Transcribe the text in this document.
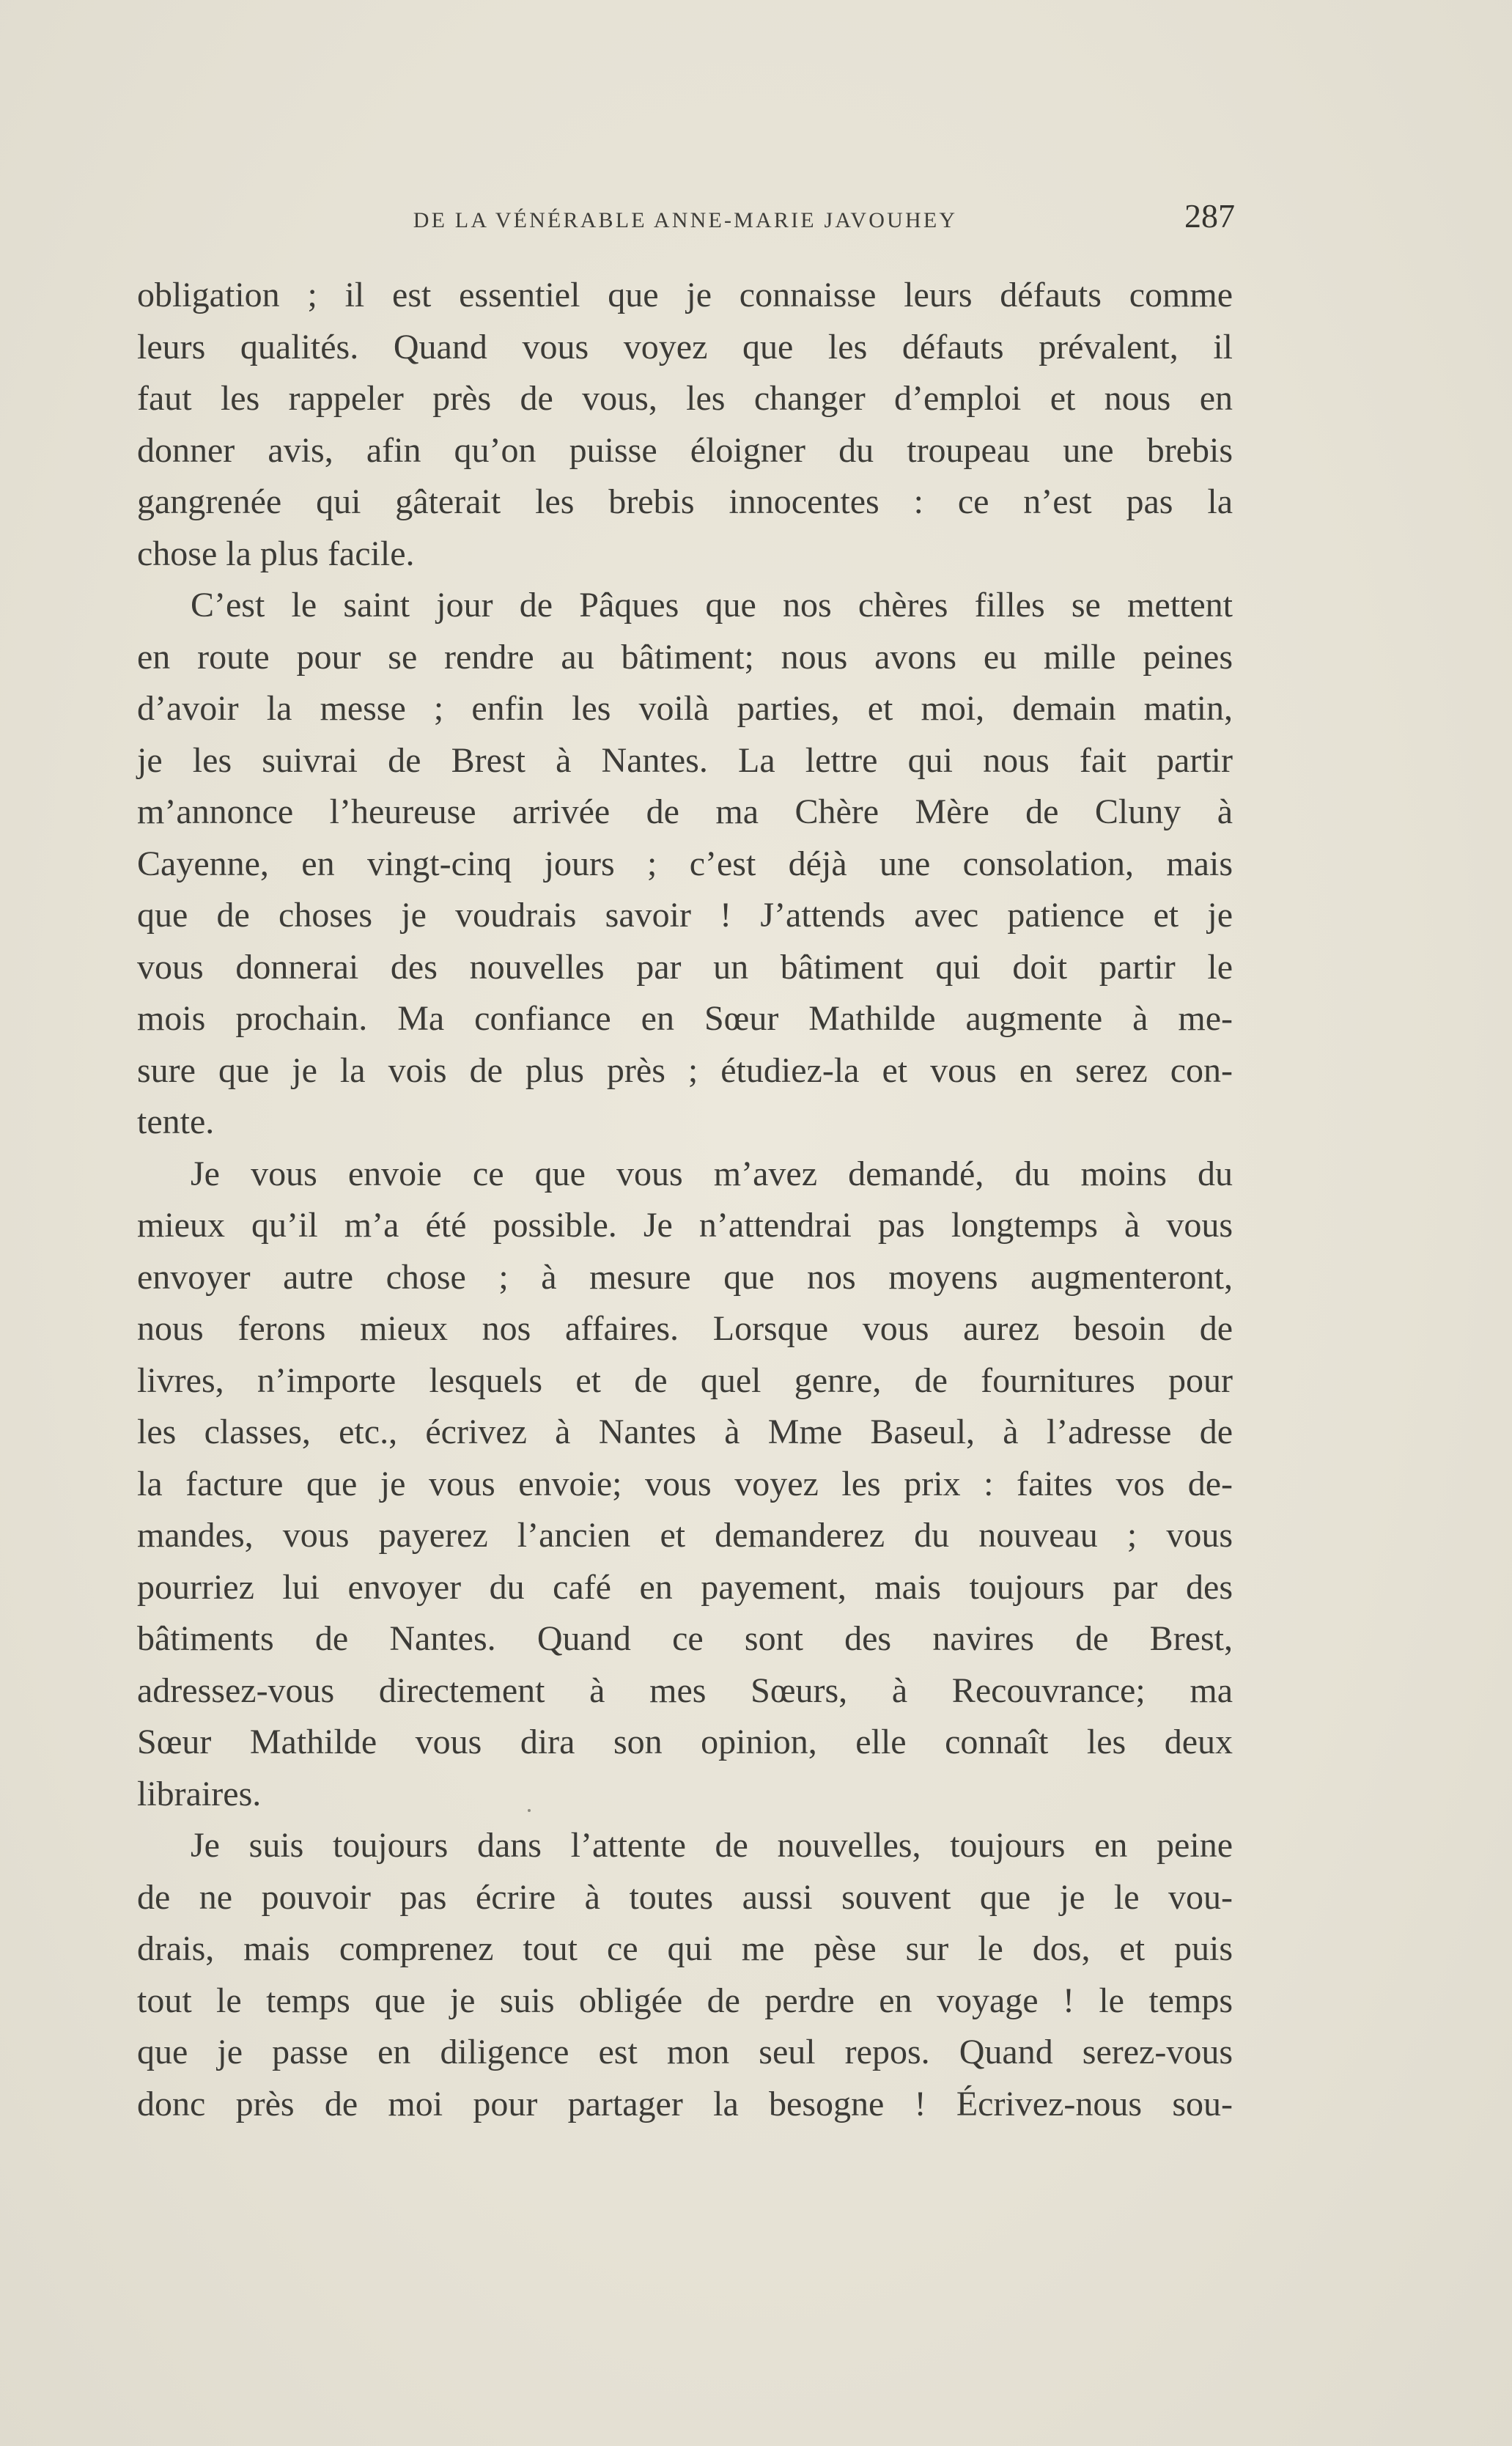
DE LA VÉNÉRABLE ANNE-MARIE JAVOUHEY	287

obligation ; il est essentiel que je connaisse leurs défauts comme
leurs qualités. Quand vous voyez que les défauts prévalent, il
faut les rappeler près de vous, les changer d’emploi et nous en
donner avis, afin qu’on puisse éloigner du troupeau une brebis
gangrenée qui gâterait les brebis innocentes : ce n’est pas la
chose la plus facile.

C’est le saint jour de Pâques que nos chères filles se mettent
en route pour se rendre au bâtiment; nous avons eu mille peines
d’avoir la messe ; enfin les voilà parties, et moi, demain matin,
je les suivrai de Brest à Nantes. La lettre qui nous fait partir
m’annonce l’heureuse arrivée de ma Chère Mère de Cluny à
Cayenne, en vingt-cinq jours ; c’est déjà une consolation, mais
que de choses je voudrais savoir ! J’attends avec patience et je
vous donnerai des nouvelles par un bâtiment qui doit partir le
mois prochain. Ma confiance en Sœur Mathilde augmente à me-
sure que je la vois de plus près ; étudiez-la et vous en serez con-
tente.

Je vous envoie ce que vous m’avez demandé, du moins du
mieux qu’il m’a été possible. Je n’attendrai pas longtemps à vous
envoyer autre chose ; à mesure que nos moyens augmenteront,
nous ferons mieux nos affaires. Lorsque vous aurez besoin de
livres, n’importe lesquels et de quel genre, de fournitures pour
les classes, etc., écrivez à Nantes à Mme Baseul, à l’adresse de
la facture que je vous envoie; vous voyez les prix : faites vos de-
mandes, vous payerez l’ancien et demanderez du nouveau ; vous
pourriez lui envoyer du café en payement, mais toujours par des
bâtiments de Nantes. Quand ce sont des navires de Brest,
adressez-vous directement à mes Sœurs, à Recouvrance; ma
Sœur Mathilde vous dira son opinion, elle connaît les deux
libraires.

Je suis toujours dans l’attente de nouvelles, toujours en peine
de ne pouvoir pas écrire à toutes aussi souvent que je le vou-
drais, mais comprenez tout ce qui me pèse sur le dos, et puis
tout le temps que je suis obligée de perdre en voyage ! le temps
que je passe en diligence est mon seul repos. Quand serez-vous
donc près de moi pour partager la besogne ! Écrivez-nous sou-
